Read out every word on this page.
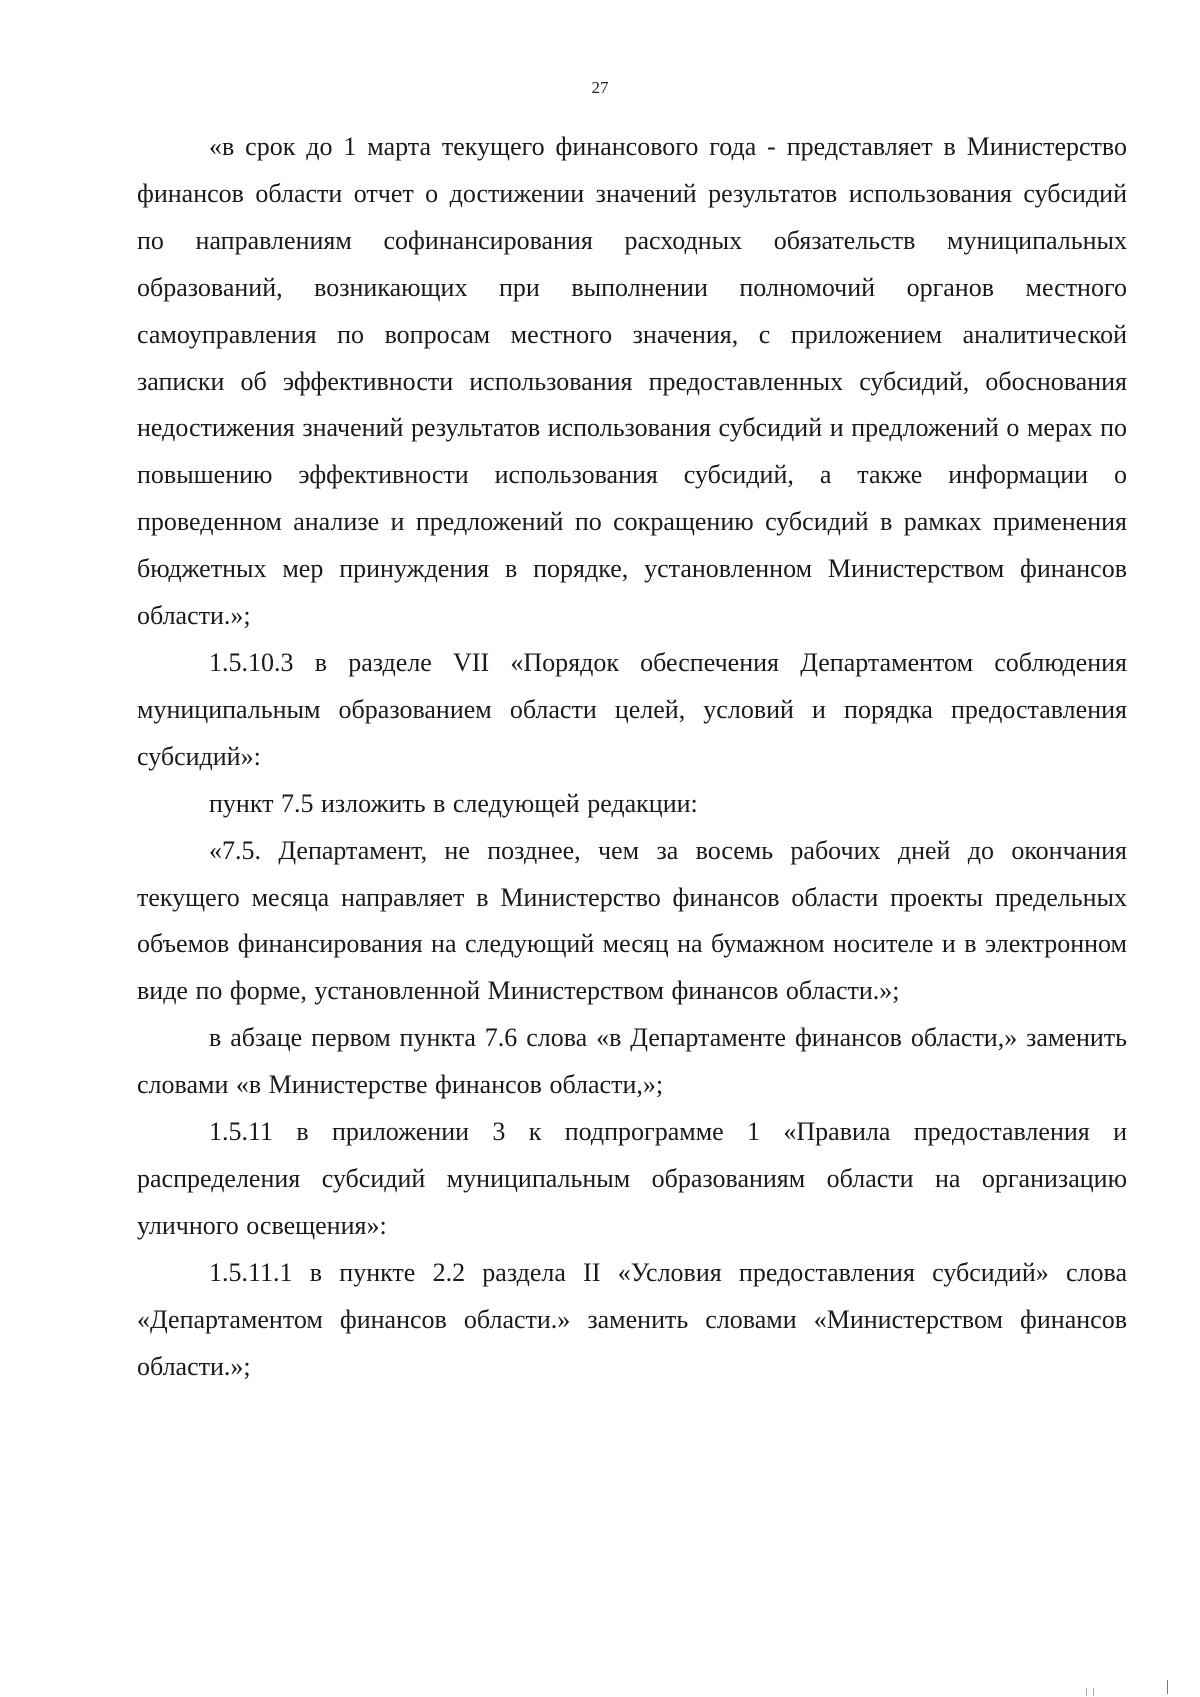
27

«в срок до 1 марта текущего финансового года - представляет в Министерство финансов области отчет о достижении значений результатов использования субсидий по направлениям софинансирования расходных обязательств муниципальных образований, возникающих при выполнении полномочий органов местного самоуправления по вопросам местного значения, с приложением аналитической записки об эффективности использования предоставленных субсидий, обоснования недостижения значений результатов использования субсидий и предложений о мерах по повышению эффективности использования субсидий, а также информации о проведенном анализе и предложений по сокращению субсидий в рамках применения бюджетных мер принуждения в порядке, установленном Министерством финансов области.»;

1.5.10.3 в разделе VII «Порядок обеспечения Департаментом соблюдения муниципальным образованием области целей, условий и порядка предоставления субсидий»:

пункт 7.5 изложить в следующей редакции:

«7.5. Департамент, не позднее, чем за восемь рабочих дней до окончания текущего месяца направляет в Министерство финансов области проекты предельных объемов финансирования на следующий месяц на бумажном носителе и в электронном виде по форме, установленной Министерством финансов области.»;

в абзаце первом пункта 7.6 слова «в Департаменте финансов области,» заменить словами «в Министерстве финансов области,»;

1.5.11 в приложении 3 к подпрограмме 1 «Правила предоставления и распределения субсидий муниципальным образованиям области на организацию уличного освещения»:

1.5.11.1 в пункте 2.2 раздела II «Условия предоставления субсидий» слова «Департаментом финансов области.» заменить словами «Министерством финансов области.»;
